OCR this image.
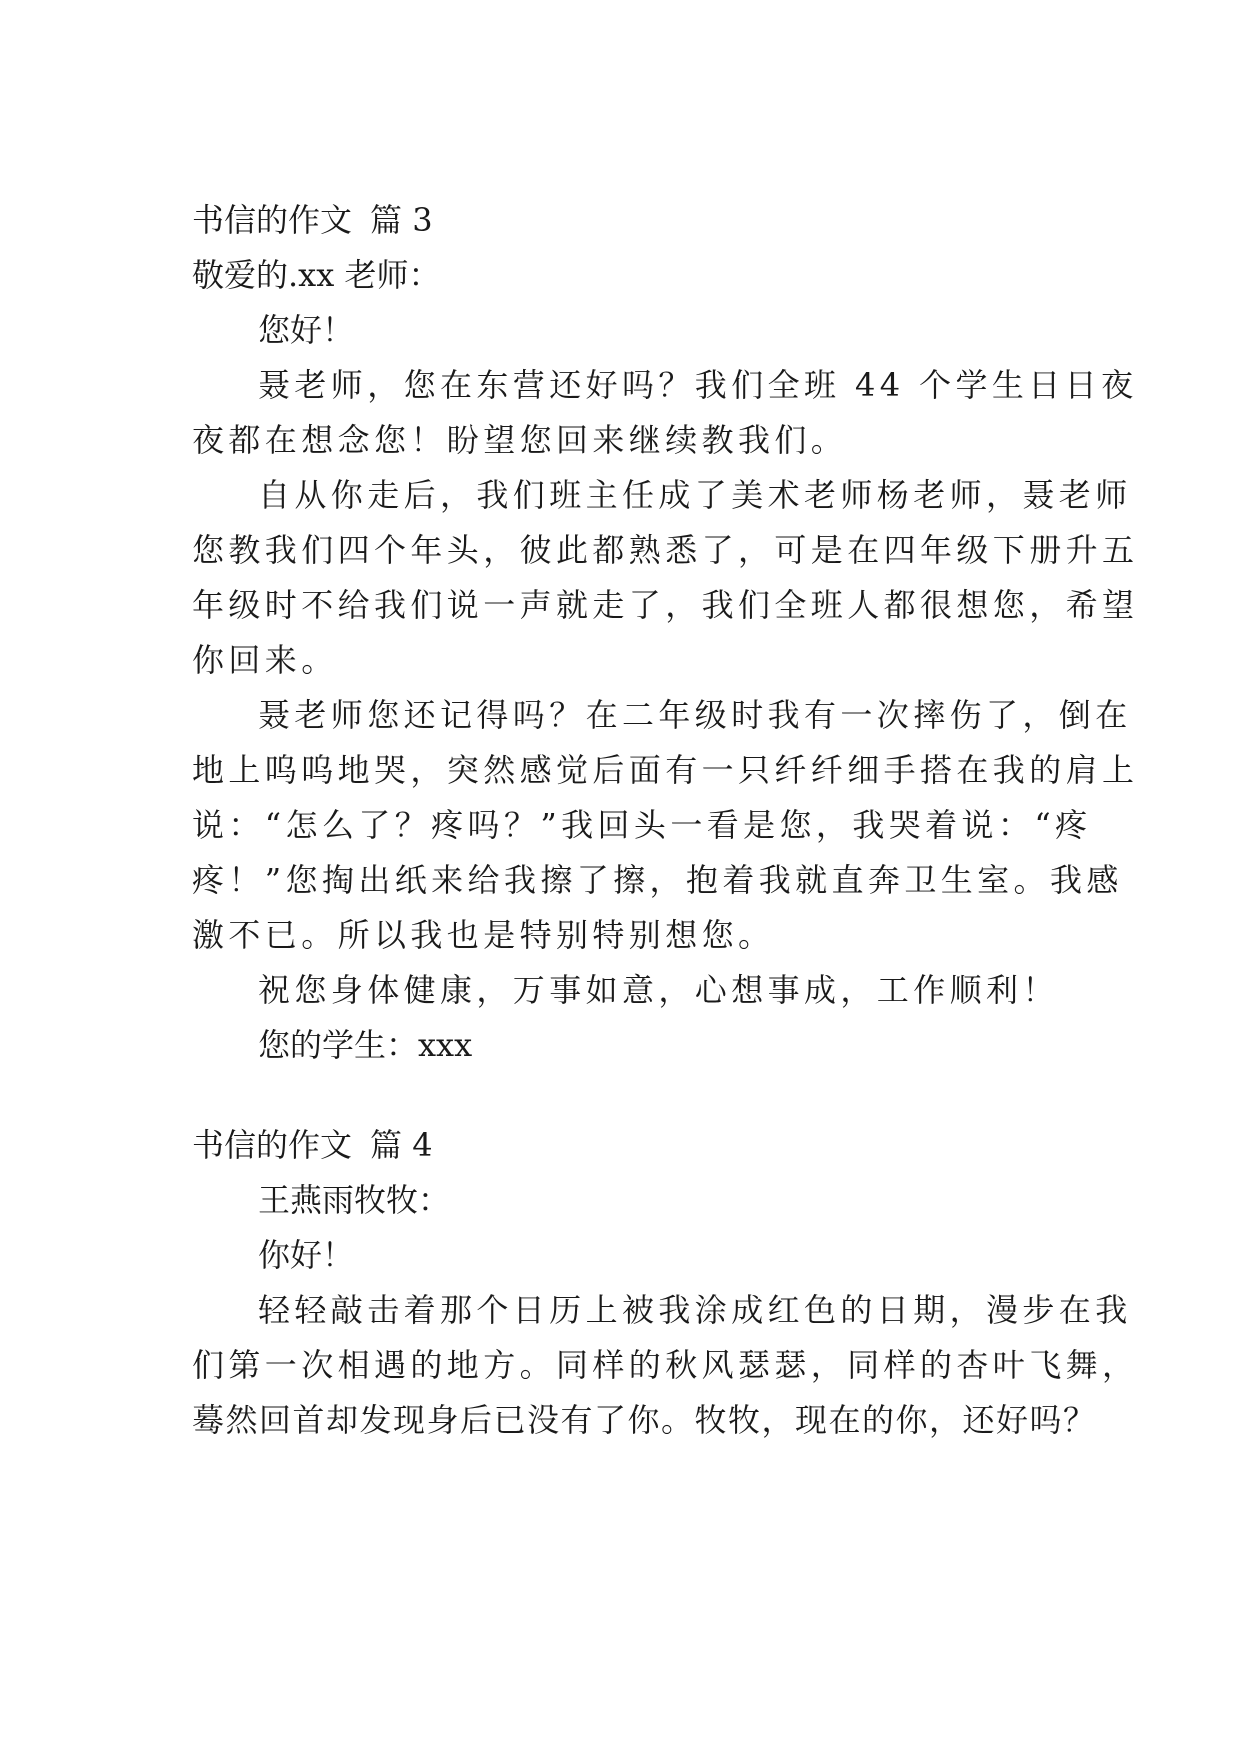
书信的作文 篇 3
敬爱的.xx 老师：
您好！
聂老师，您在东营还好吗？我们全班 44 个学生日日夜
夜都在想念您！盼望您回来继续教我们。
自从你走后，我们班主任成了美术老师杨老师，聂老师
您教我们四个年头，彼此都熟悉了，可是在四年级下册升五
年级时不给我们说一声就走了，我们全班人都很想您，希望
你回来。
聂老师您还记得吗？在二年级时我有一次摔伤了，倒在
地上呜呜地哭，突然感觉后面有一只纤纤细手搭在我的肩上
说：“怎么了？疼吗？”我回头一看是您，我哭着说：“疼
疼！”您掏出纸来给我擦了擦，抱着我就直奔卫生室。我感
激不已。所以我也是特别特别想您。
祝您身体健康，万事如意，心想事成，工作顺利！
您的学生：xxx
书信的作文 篇 4
王燕雨牧牧：
你好！
轻轻敲击着那个日历上被我涂成红色的日期，漫步在我
们第一次相遇的地方。同样的秋风瑟瑟，同样的杏叶飞舞，
蓦然回首却发现身后已没有了你。牧牧，现在的你，还好吗？
